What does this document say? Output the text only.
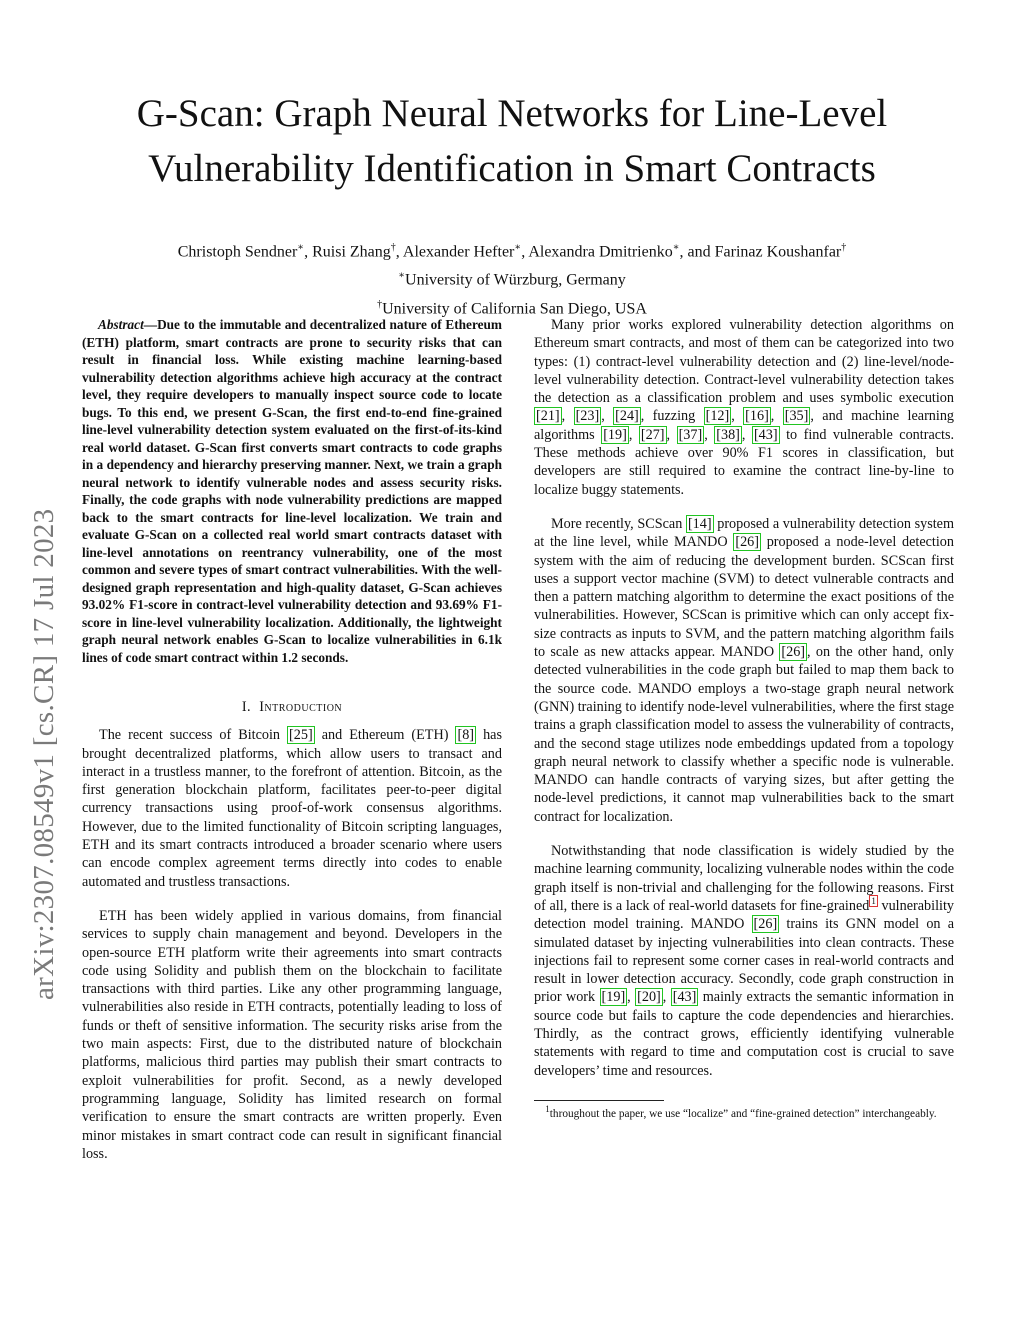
arXiv:2307.08549v1 [cs.CR] 17 Jul 2023
G-Scan: Graph Neural Networks for Line-Level
Vulnerability Identification in Smart Contracts
Christoph Sendner∗, Ruisi Zhang†, Alexander Hefter∗, Alexandra Dmitrienko∗, and Farinaz Koushanfar†
∗University of Würzburg, Germany
†University of California San Diego, USA

Abstract—Due to the immutable and decentralized nature of Ethereum (ETH) platform, smart contracts are prone to security risks that can result in financial loss. While existing machine learning-based vulnerability detection algorithms achieve high accuracy at the contract level, they require developers to manually inspect source code to locate bugs. To this end, we present G-Scan, the first end-to-end fine-grained line-level vulnerability detection system evaluated on the first-of-its-kind real world dataset. G-Scan first converts smart contracts to code graphs in a dependency and hierarchy preserving manner. Next, we train a graph neural network to identify vulnerable nodes and assess security risks. Finally, the code graphs with node vulnerability predictions are mapped back to the smart contracts for line-level localization. We train and evaluate G-Scan on a collected real world smart contracts dataset with line-level annotations on reentrancy vulnerability, one of the most common and severe types of smart contract vulnerabilities. With the well-designed graph representation and high-quality dataset, G-Scan achieves 93.02% F1-score in contract-level vulnerability detection and 93.69% F1-score in line-level vulnerability localization. Additionally, the lightweight graph neural network enables G-Scan to localize vulnerabilities in 6.1k lines of code smart contract within 1.2 seconds.

I. Introduction

The recent success of Bitcoin [25] and Ethereum (ETH) [8] has brought decentralized platforms, which allow users to transact and interact in a trustless manner, to the forefront of attention. Bitcoin, as the first generation blockchain platform, facilitates peer-to-peer digital currency transactions using proof-of-work consensus algorithms. However, due to the limited functionality of Bitcoin scripting languages, ETH and its smart contracts introduced a broader scenario where users can encode complex agreement terms directly into codes to enable automated and trustless transactions.

ETH has been widely applied in various domains, from financial services to supply chain management and beyond. Developers in the open-source ETH platform write their agreements into smart contracts code using Solidity and publish them on the blockchain to facilitate transactions with third parties. Like any other programming language, vulnerabilities also reside in ETH contracts, potentially leading to loss of funds or theft of sensitive information. The security risks arise from the two main aspects: First, due to the distributed nature of blockchain platforms, malicious third parties may publish their smart contracts to exploit vulnerabilities for profit. Second, as a newly developed programming language, Solidity has limited research on formal verification to ensure the smart contracts are written properly. Even minor mistakes in smart contract code can result in significant financial loss.

Many prior works explored vulnerability detection algorithms on Ethereum smart contracts, and most of them can be categorized into two types: (1) contract-level vulnerability detection and (2) line-level/node-level vulnerability detection. Contract-level vulnerability detection takes the detection as a classification problem and uses symbolic execution [21] , [23] , [24] , fuzzing [12] , [16] , [35] , and machine learning algorithms [19] , [27] , [37] , [38] , [43] to find vulnerable contracts. These methods achieve over 90% F1 scores in classification, but developers are still required to examine the contract line-by-line to localize buggy statements.

More recently, SCScan [14] proposed a vulnerability detection system at the line level, while MANDO [26] proposed a node-level detection system with the aim of reducing the development burden. SCScan first uses a support vector machine (SVM) to detect vulnerable contracts and then a pattern matching algorithm to determine the exact positions of the vulnerabilities. However, SCScan is primitive which can only accept fix-size contracts as inputs to SVM, and the pattern matching algorithm fails to scale as new attacks appear. MANDO [26] , on the other hand, only detected vulnerabilities in the code graph but failed to map them back to the source code. MANDO employs a two-stage graph neural network (GNN) training to identify node-level vulnerabilities, where the first stage trains a graph classification model to assess the vulnerability of contracts, and the second stage utilizes node embeddings updated from a topology graph neural network to classify whether a specific node is vulnerable. MANDO can handle contracts of varying sizes, but after getting the node-level predictions, it cannot map vulnerabilities back to the smart contract for localization.

Notwithstanding that node classification is widely studied by the machine learning community, localizing vulnerable nodes within the code graph itself is non-trivial and challenging for the following reasons. First of all, there is a lack of real-world datasets for fine-grained $^1$ vulnerability detection model training. MANDO [26] trains its GNN model on a simulated dataset by injecting vulnerabilities into clean contracts. These injections fail to represent some corner cases in real-world contracts and result in lower detection accuracy. Secondly, code graph construction in prior work [19] , [20] , [43] mainly extracts the semantic information in source code but fails to capture the code dependencies and hierarchies. Thirdly, as the contract grows, efficiently identifying vulnerable statements with regard to time and computation cost is crucial to save developers’ time and resources.

$^1$throughout the paper, we use “localize” and “fine-grained detection” interchangeably.
